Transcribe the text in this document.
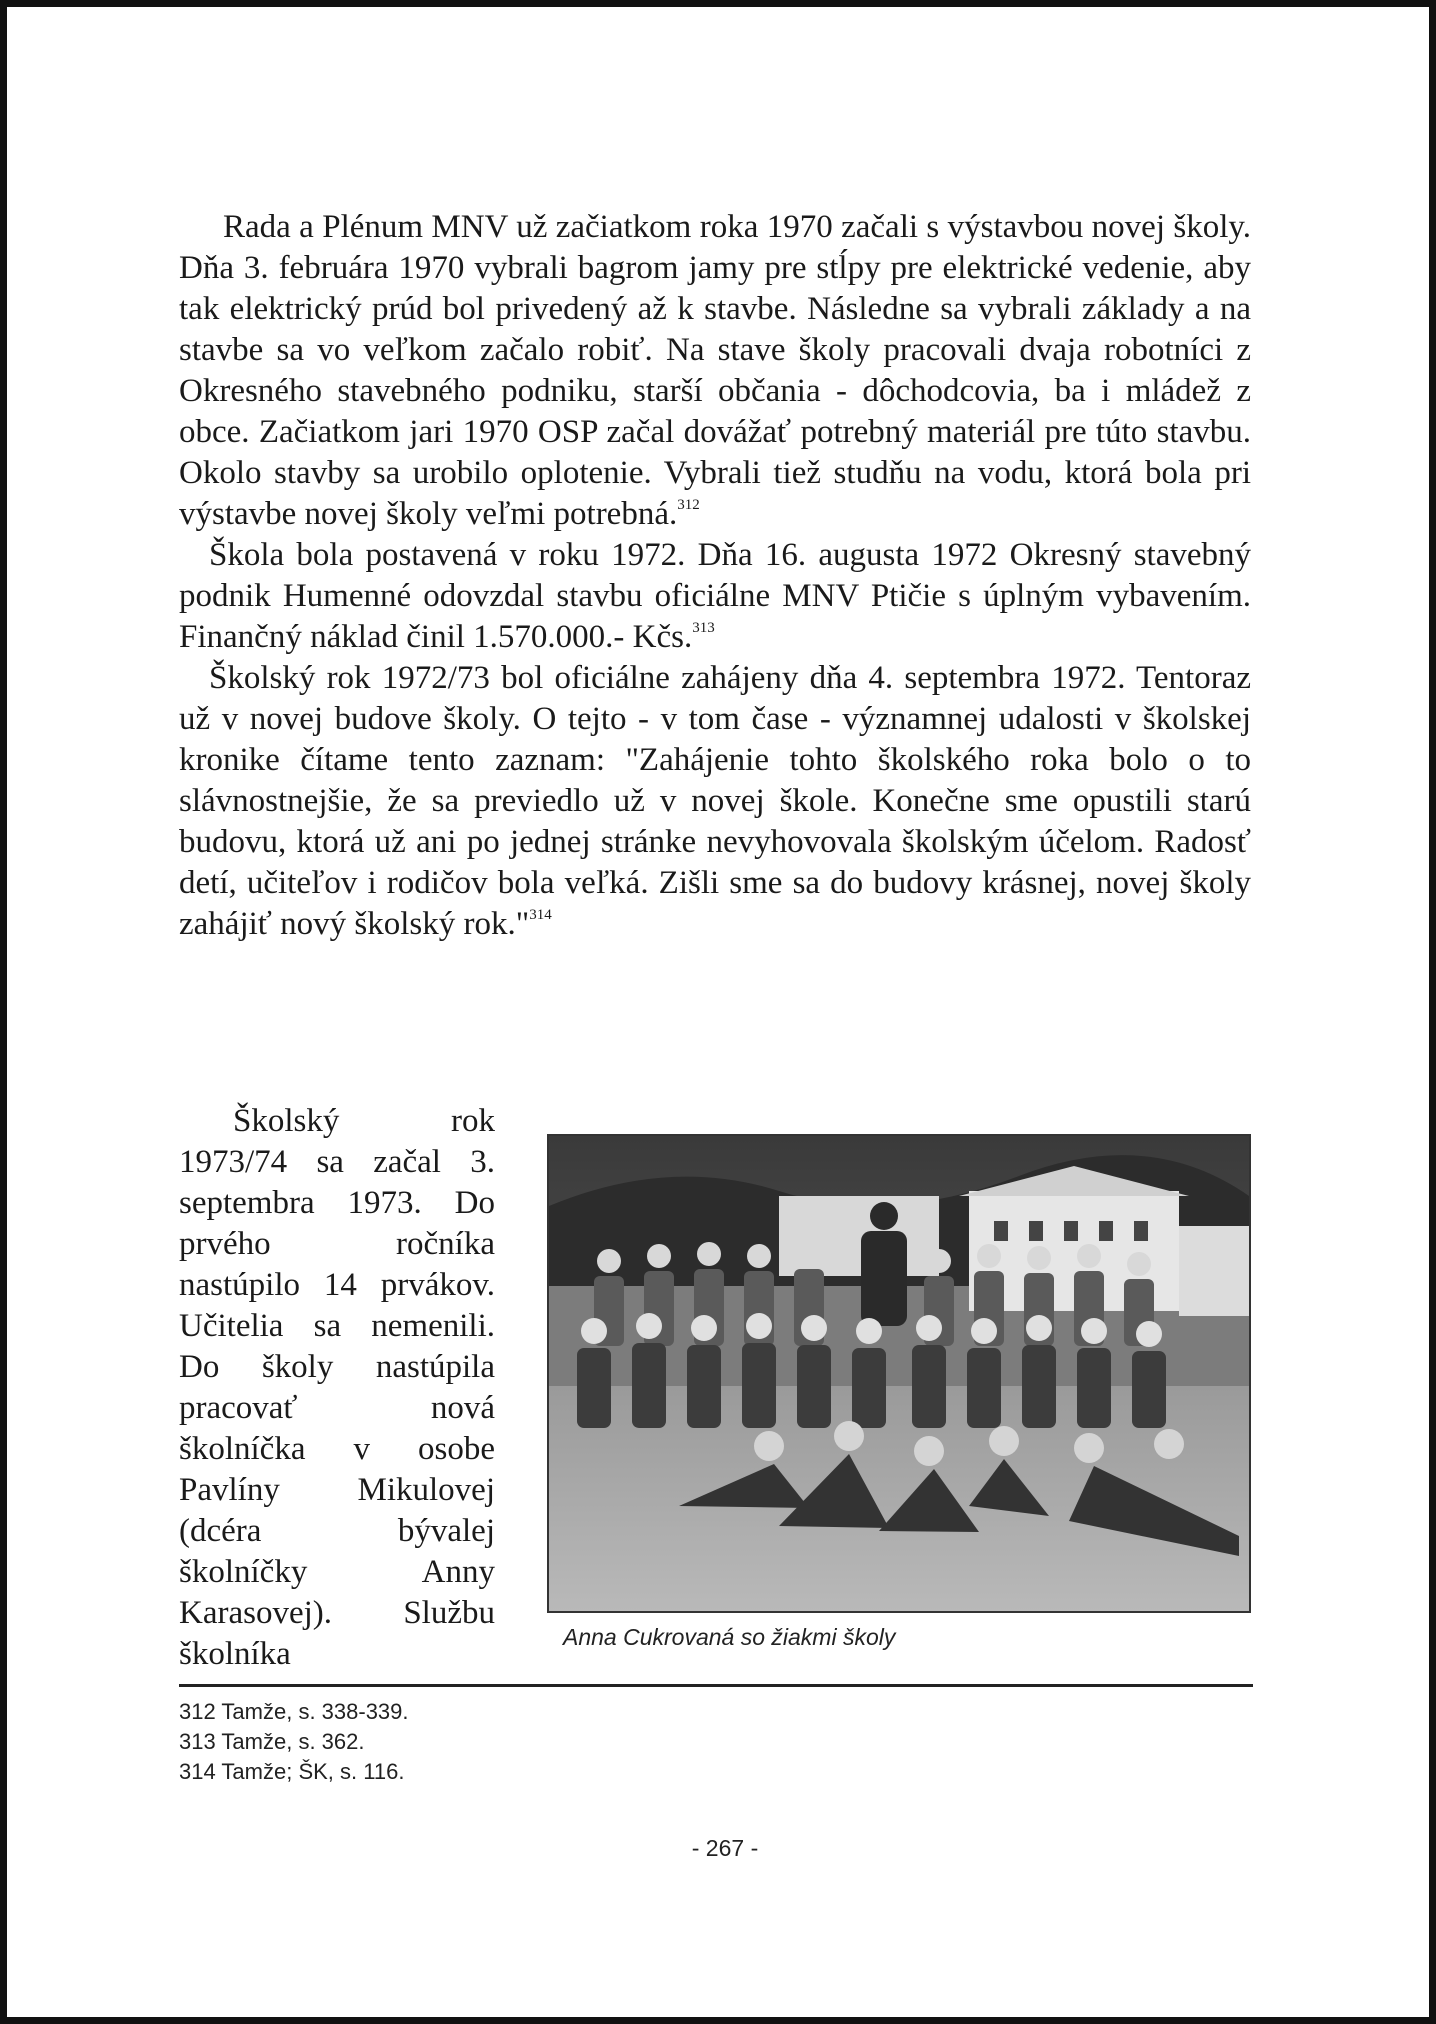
Rada a Plénum MNV už začiatkom roka 1970 začali s výstavbou novej školy. Dňa 3. februára 1970 vybrali bagrom jamy pre stĺpy pre elektrické vedenie, aby tak elektrický prúd bol privedený až k stavbe. Následne sa vybrali základy a na stavbe sa vo veľkom začalo robiť. Na stave školy pracovali dvaja robotníci z Okresného stavebného podniku, starší občania - dôchodcovia, ba i mládež z obce. Začiatkom jari 1970 OSP začal dovážať potrebný materiál pre túto stavbu. Okolo stavby sa urobilo oplotenie. Vybrali tiež studňu na vodu, ktorá bola pri výstavbe novej školy veľmi potrebná.$^{312}$

Škola bola postavená v roku 1972. Dňa 16. augusta 1972 Okresný stavebný podnik Humenné odovzdal stavbu oficiálne MNV Ptičie s úplným vybavením. Finančný náklad činil 1.570.000.- Kčs.$^{313}$

Školský rok 1972/73 bol oficiálne zahájeny dňa 4. septembra 1972. Tentoraz už v novej budove školy. O tejto - v tom čase - významnej udalosti v školskej kronike čítame tento zaznam: "Zahájenie tohto školského roka bolo o to slávnostnejšie, že sa previedlo už v novej škole. Konečne sme opustili starú budovu, ktorá už ani po jednej stránke nevyhovovala školským účelom. Radosť detí, učiteľov i rodičov bola veľká. Zišli sme sa do budovy krásnej, novej školy zahájiť nový školský rok."$^{314}$

Školský rok 1973/74 sa začal 3. septembra 1973. Do prvého ročníka nastúpilo 14 prvákov. Učitelia sa nemenili. Do školy nastúpila pracovať nová školníčka v osobe Pavlíny Mikulovej (dcéra bývalej školníčky Anny Karasovej). Službu školníka	Anna Cukrovaná so žiakmi školy
312 Tamže, s. 338-339.
313 Tamže, s. 362.
314 Tamže; ŠK, s. 116.
- 267 -
